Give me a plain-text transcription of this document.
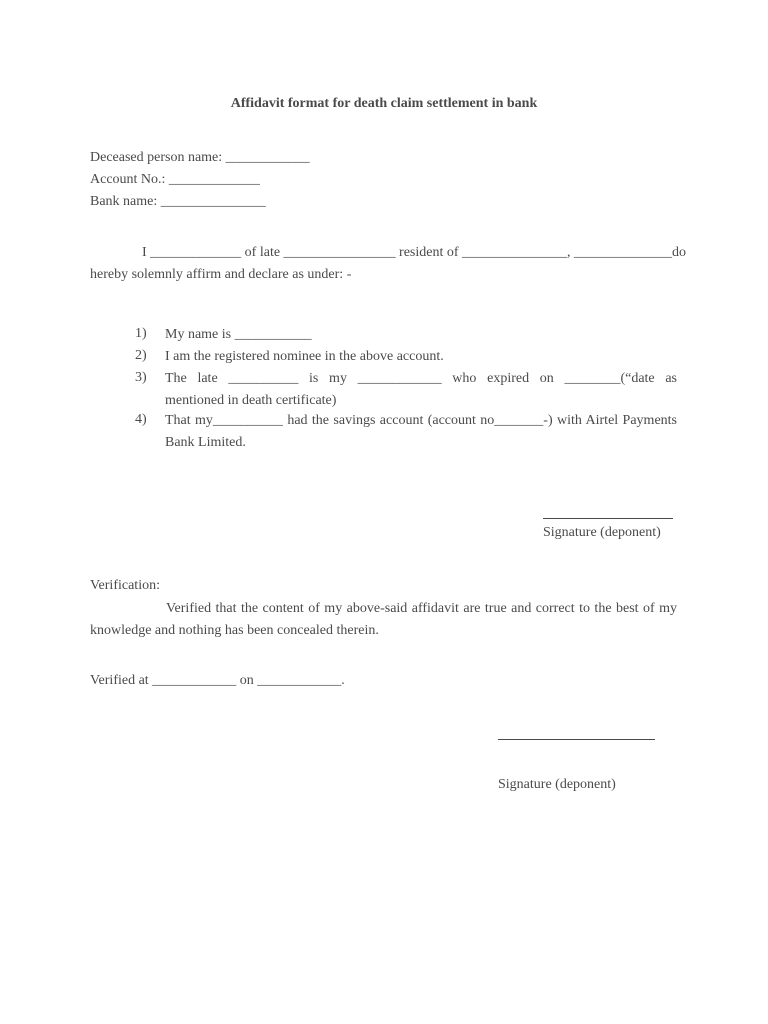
Affidavit format for death claim settlement in bank
Deceased person name: ____________
Account No.: _____________
Bank name: _______________
I _____________ of late ________________ resident of _______________, ______________do
hereby solemnly affirm and declare as under: -
1)	My name is ___________
2)	I am the registered nominee in the above account.
3)	The late __________ is my ____________ who expired on ________(“date as
mentioned in death certificate)
4)	That my__________ had the savings account (account no_______-) with Airtel Payments
Bank Limited.
Signature (deponent)
Verification:
Verified that the content of my above-said affidavit are true and correct to the best of my
knowledge and nothing has been concealed therein.
Verified at ____________ on ____________.
Signature (deponent)
